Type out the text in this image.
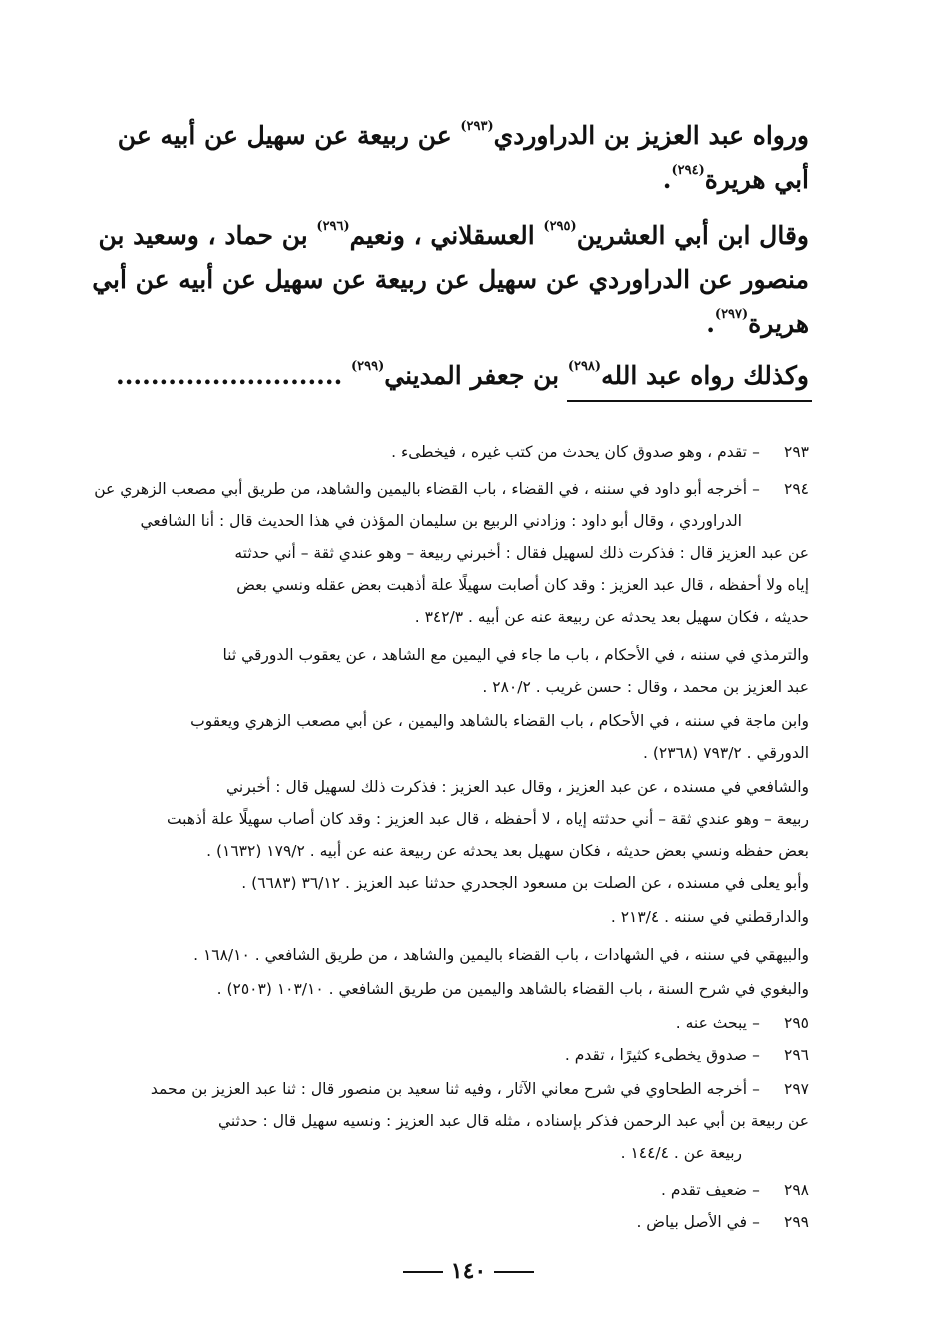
ورواه عبد العزيز بن الدراوردي$^{(٢٩٣)}$ عن ربيعة عن سهيل عن أبيه عن
أبي هريرة$^{(٢٩٤)}$.
وقال ابن أبي العشرين$^{(٢٩٥)}$ العسقلاني ، ونعيم$^{(٢٩٦)}$ بن حماد ، وسعيد بن
منصور عن الدراوردي عن سهيل عن ربيعة عن سهيل عن أبيه عن أبي
هريرة$^{(٢٩٧)}$.
وكذلك رواه عبد الله$^{(٢٩٨)}$ بن جعفر المديني$^{(٢٩٩)}$ ..........................
٢٩٣–تقدم ، وهو صدوق كان يحدث من كتب غيره ، فيخطىء .
٢٩٤–أخرجه أبو داود في سننه ، في القضاء ، باب القضاء باليمين والشاهد، من طريق أبي مصعب الزهري عن
الدراوردي ، وقال أبو داود : وزادني الربيع بن سليمان المؤذن في هذا الحديث قال : أنا الشافعي
عن عبد العزيز قال : فذكرت ذلك لسهيل فقال : أخبرني ربيعة – وهو عندي ثقة – أني حدثته
إياه ولا أحفظه ، قال عبد العزيز : وقد كان أصابت سهيلًا علة أذهبت بعض عقله ونسي بعض
حديثه ، فكان سهيل بعد يحدثه عن ربيعة عنه عن أبيه . ٣٤٢/٣ .
والترمذي في سننه ، في الأحكام ، باب ما جاء في اليمين مع الشاهد ، عن يعقوب الدورقي ثنا
عبد العزيز بن محمد ، وقال : حسن غريب . ٢٨٠/٢ .
وابن ماجة في سننه ، في الأحكام ، باب القضاء بالشاهد واليمين ، عن أبي مصعب الزهري ويعقوب
الدورقي . ٧٩٣/٢ (٢٣٦٨) .
والشافعي في مسنده ، عن عبد العزيز ، وقال عبد العزيز : فذكرت ذلك لسهيل قال : أخبرني
ربيعة – وهو عندي ثقة – أني حدثته إياه ، لا أحفظه ، قال عبد العزيز : وقد كان أصاب سهيلًا علة أذهبت
بعض حفظه ونسي بعض حديثه ، فكان سهيل بعد يحدثه عن ربيعة عنه عن أبيه . ١٧٩/٢ (١٦٣٢) .
وأبو يعلى في مسنده ، عن الصلت بن مسعود الجحدري حدثنا عبد العزيز . ٣٦/١٢ (٦٦٨٣) .
والدارقطني في سننه . ٢١٣/٤ .
والبيهقي في سننه ، في الشهادات ، باب القضاء باليمين والشاهد ، من طريق الشافعي . ١٦٨/١٠ .
والبغوي في شرح السنة ، باب القضاء بالشاهد واليمين من طريق الشافعي . ١٠٣/١٠ (٢٥٠٣) .
٢٩٥–يبحث عنه .
٢٩٦–صدوق يخطىء كثيرًا ، تقدم .
٢٩٧–أخرجه الطحاوي في شرح معاني الآثار ، وفيه ثنا سعيد بن منصور قال : ثنا عبد العزيز بن محمد
عن ربيعة بن أبي عبد الرحمن فذكر بإسناده ، مثله قال عبد العزيز : ونسيه سهيل قال : حدثني
ربيعة عن . ١٤٤/٤ .
٢٩٨–ضعيف تقدم .
٢٩٩–في الأصل بياض .
١٤٠
